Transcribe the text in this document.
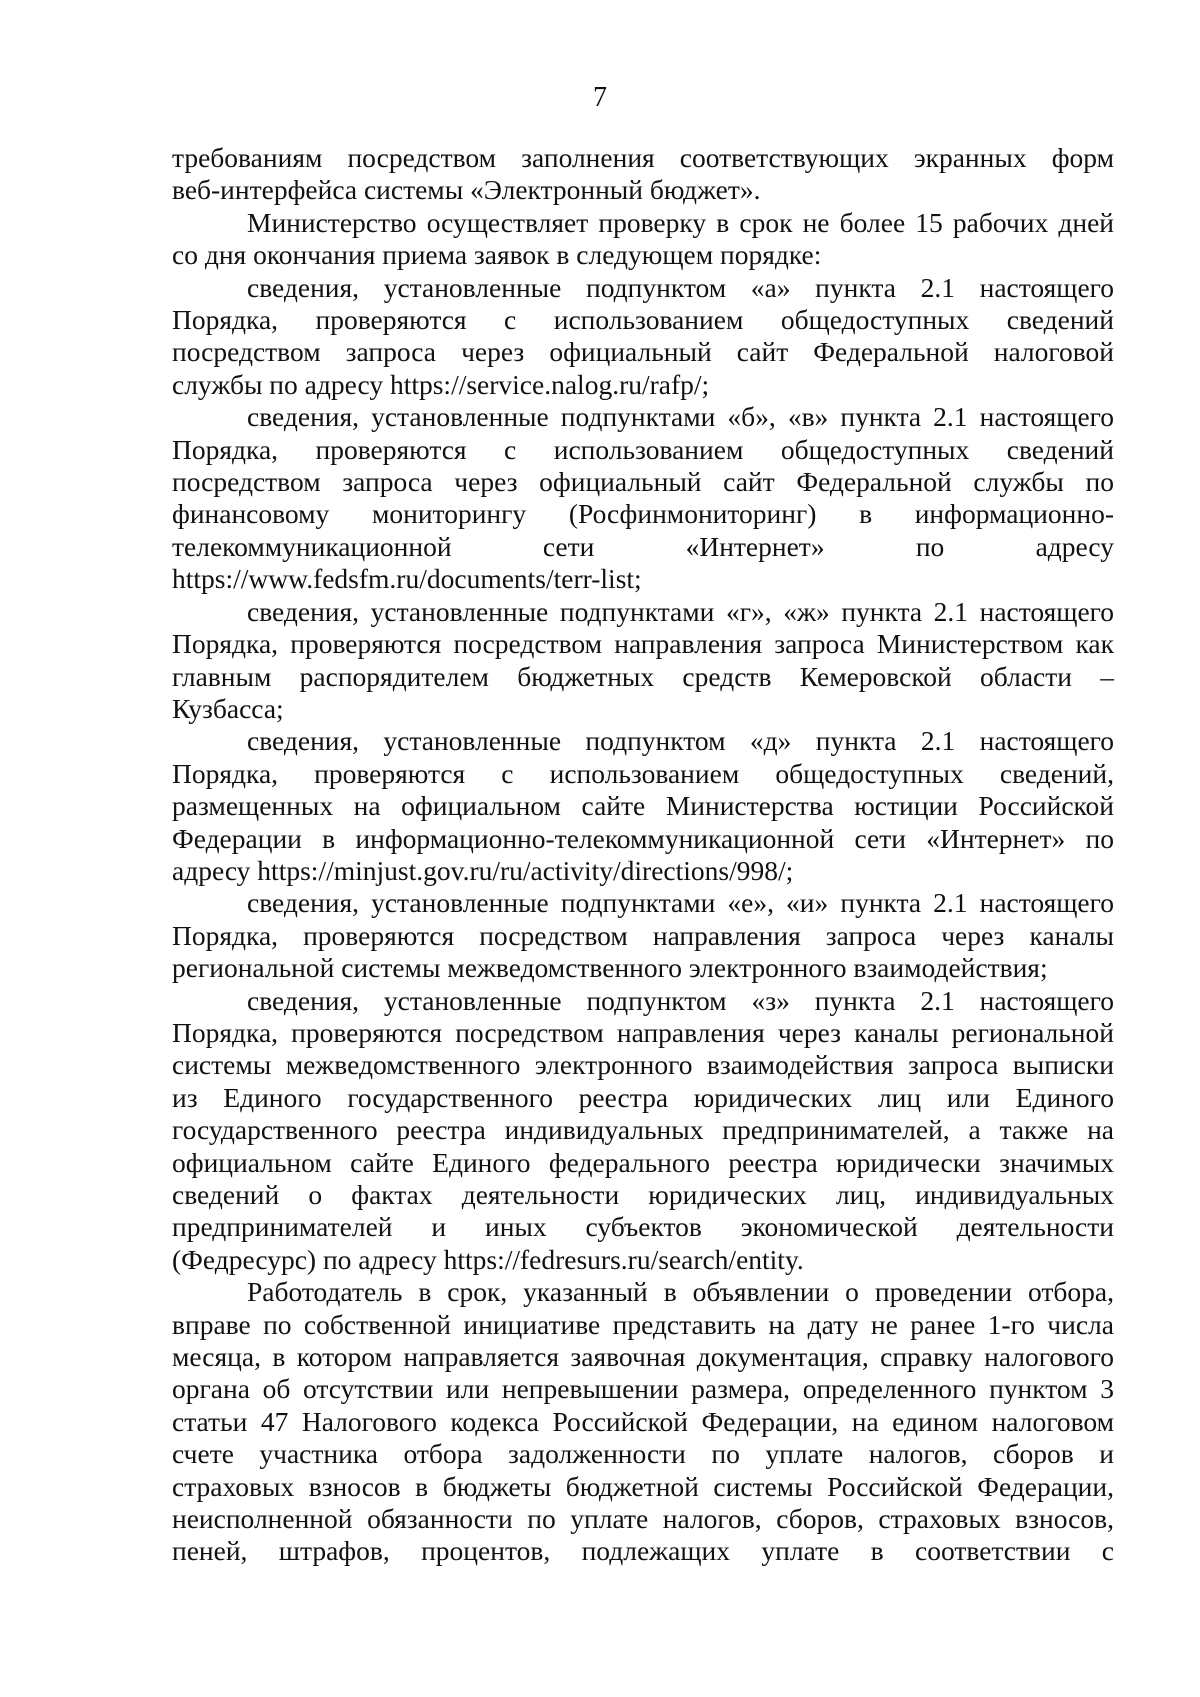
7
требованиям посредством заполнения соответствующих экранных форм
веб-интерфейса системы «Электронный бюджет».
Министерство осуществляет проверку в срок не более 15 рабочих дней
со дня окончания приема заявок в следующем порядке:
сведения, установленные подпунктом «а» пункта 2.1 настоящего
Порядка, проверяются с использованием общедоступных сведений
посредством запроса через официальный сайт Федеральной налоговой
службы по адресу https://service.nalog.ru/rafp/;
сведения, установленные подпунктами «б», «в» пункта 2.1 настоящего
Порядка, проверяются с использованием общедоступных сведений
посредством запроса через официальный сайт Федеральной службы по
финансовому мониторингу (Росфинмониторинг) в информационно-
телекоммуникационной сети «Интернет» по адресу
https://www.fedsfm.ru/documents/terr-list;
сведения, установленные подпунктами «г», «ж» пункта 2.1 настоящего
Порядка, проверяются посредством направления запроса Министерством как
главным распорядителем бюджетных средств Кемеровской области –
Кузбасса;
сведения, установленные подпунктом «д» пункта 2.1 настоящего
Порядка, проверяются с использованием общедоступных сведений,
размещенных на официальном сайте Министерства юстиции Российской
Федерации в информационно-телекоммуникационной сети «Интернет» по
адресу https://minjust.gov.ru/ru/activity/directions/998/;
сведения, установленные подпунктами «е», «и» пункта 2.1 настоящего
Порядка, проверяются посредством направления запроса через каналы
региональной системы межведомственного электронного взаимодействия;
сведения, установленные подпунктом «з» пункта 2.1 настоящего
Порядка, проверяются посредством направления через каналы региональной
системы межведомственного электронного взаимодействия запроса выписки
из Единого государственного реестра юридических лиц или Единого
государственного реестра индивидуальных предпринимателей, а также на
официальном сайте Единого федерального реестра юридически значимых
сведений о фактах деятельности юридических лиц, индивидуальных
предпринимателей и иных субъектов экономической деятельности
(Федресурс) по адресу https://fedresurs.ru/search/entity.
Работодатель в срок, указанный в объявлении о проведении отбора,
вправе по собственной инициативе представить на дату не ранее 1-го числа
месяца, в котором направляется заявочная документация, справку налогового
органа об отсутствии или непревышении размера, определенного пунктом 3
статьи 47 Налогового кодекса Российской Федерации, на едином налоговом
счете участника отбора задолженности по уплате налогов, сборов и
страховых взносов в бюджеты бюджетной системы Российской Федерации,
неисполненной обязанности по уплате налогов, сборов, страховых взносов,
пеней, штрафов, процентов, подлежащих уплате в соответствии с
